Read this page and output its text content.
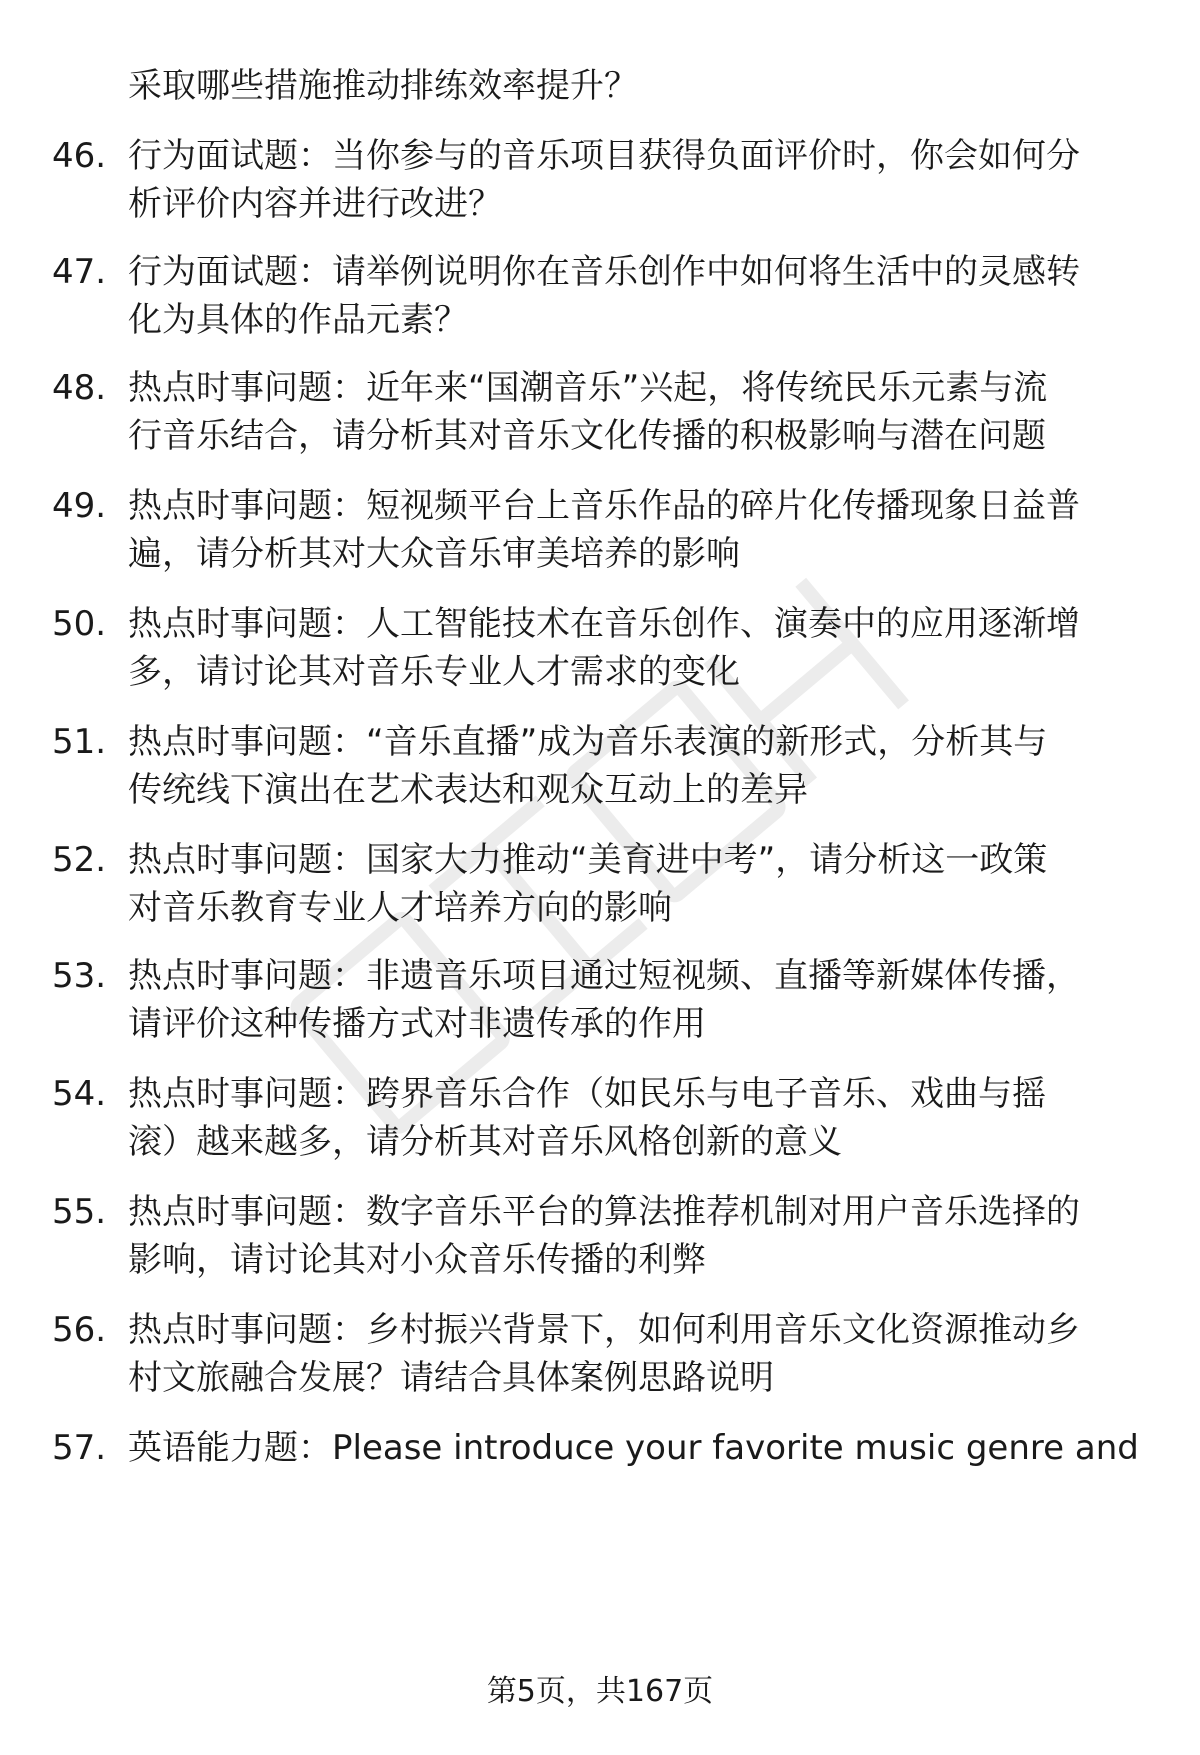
采取哪些措施推动排练效率提升？
46. 行为面试题：当你参与的音乐项目获得负面评价时，你会如何分
析评价内容并进行改进？
47. 行为面试题：请举例说明你在音乐创作中如何将生活中的灵感转
化为具体的作品元素？
48. 热点时事问题：近年来“国潮音乐”兴起，将传统民乐元素与流
行音乐结合，请分析其对音乐文化传播的积极影响与潜在问题
49. 热点时事问题：短视频平台上音乐作品的碎片化传播现象日益普
遍，请分析其对大众音乐审美培养的影响
50. 热点时事问题：人工智能技术在音乐创作、演奏中的应用逐渐增
多，请讨论其对音乐专业人才需求的变化
51. 热点时事问题：“音乐直播”成为音乐表演的新形式，分析其与
传统线下演出在艺术表达和观众互动上的差异
52. 热点时事问题：国家大力推动“美育进中考”，请分析这一政策
对音乐教育专业人才培养方向的影响
53. 热点时事问题：非遗音乐项目通过短视频、直播等新媒体传播，
请评价这种传播方式对非遗传承的作用
54. 热点时事问题：跨界音乐合作（如民乐与电子音乐、戏曲与摇
滚）越来越多，请分析其对音乐风格创新的意义
55. 热点时事问题：数字音乐平台的算法推荐机制对用户音乐选择的
影响，请讨论其对小众音乐传播的利弊
56. 热点时事问题：乡村振兴背景下，如何利用音乐文化资源推动乡
村文旅融合发展？请结合具体案例思路说明
57. 英语能力题：Please introduce your favorite music genre and
第5页，共167页
